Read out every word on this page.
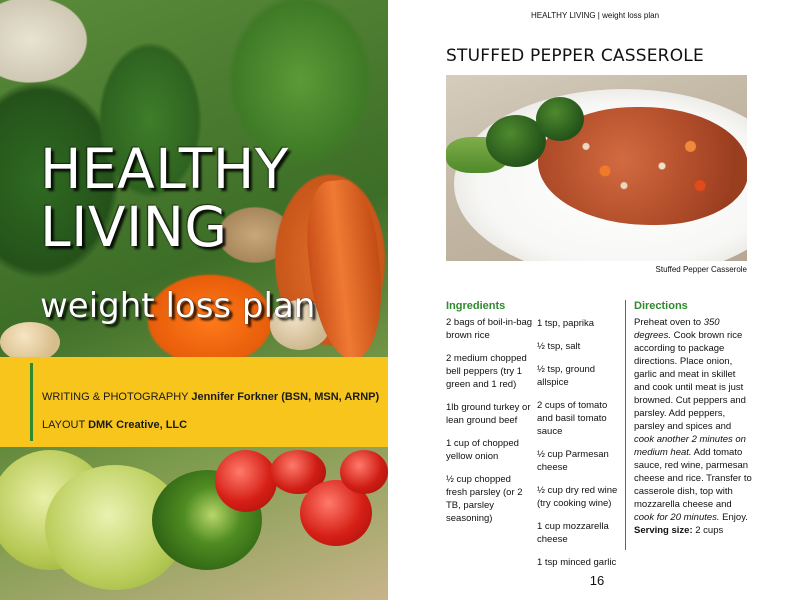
HEALTHY
LIVING
weight loss plan
WRITING & PHOTOGRAPHY Jennifer Forkner (BSN, MSN, ARNP)
LAYOUT DMK Creative, LLC
HEALTHY LIVING | weight loss plan
STUFFED PEPPER CASSEROLE
Stuffed Pepper Casserole
Ingredients
2 bags of boil-in-bag brown rice
2 medium chopped bell peppers (try 1 green and 1 red)
1lb ground turkey or lean ground beef
1 cup of chopped yellow onion
½ cup chopped fresh parsley (or 2 TB, parsley seasoning)
1 tsp, paprika
½ tsp, salt
½ tsp, ground allspice
2 cups of tomato and basil tomato sauce
½ cup Parmesan cheese
½ cup dry red wine (try cooking wine)
1 cup mozzarella cheese
1 tsp minced garlic
Directions
Preheat oven to 350 degrees. Cook brown rice according to package directions. Place onion, garlic and meat in skillet and cook until meat is just browned. Cut peppers and parsley. Add peppers, parsley and spices and cook another 2 minutes on medium heat. Add tomato sauce, red wine, parmesan cheese and rice. Transfer to casserole dish, top with mozzarella cheese and cook for 20 minutes. Enjoy.
Serving size: 2 cups
16
